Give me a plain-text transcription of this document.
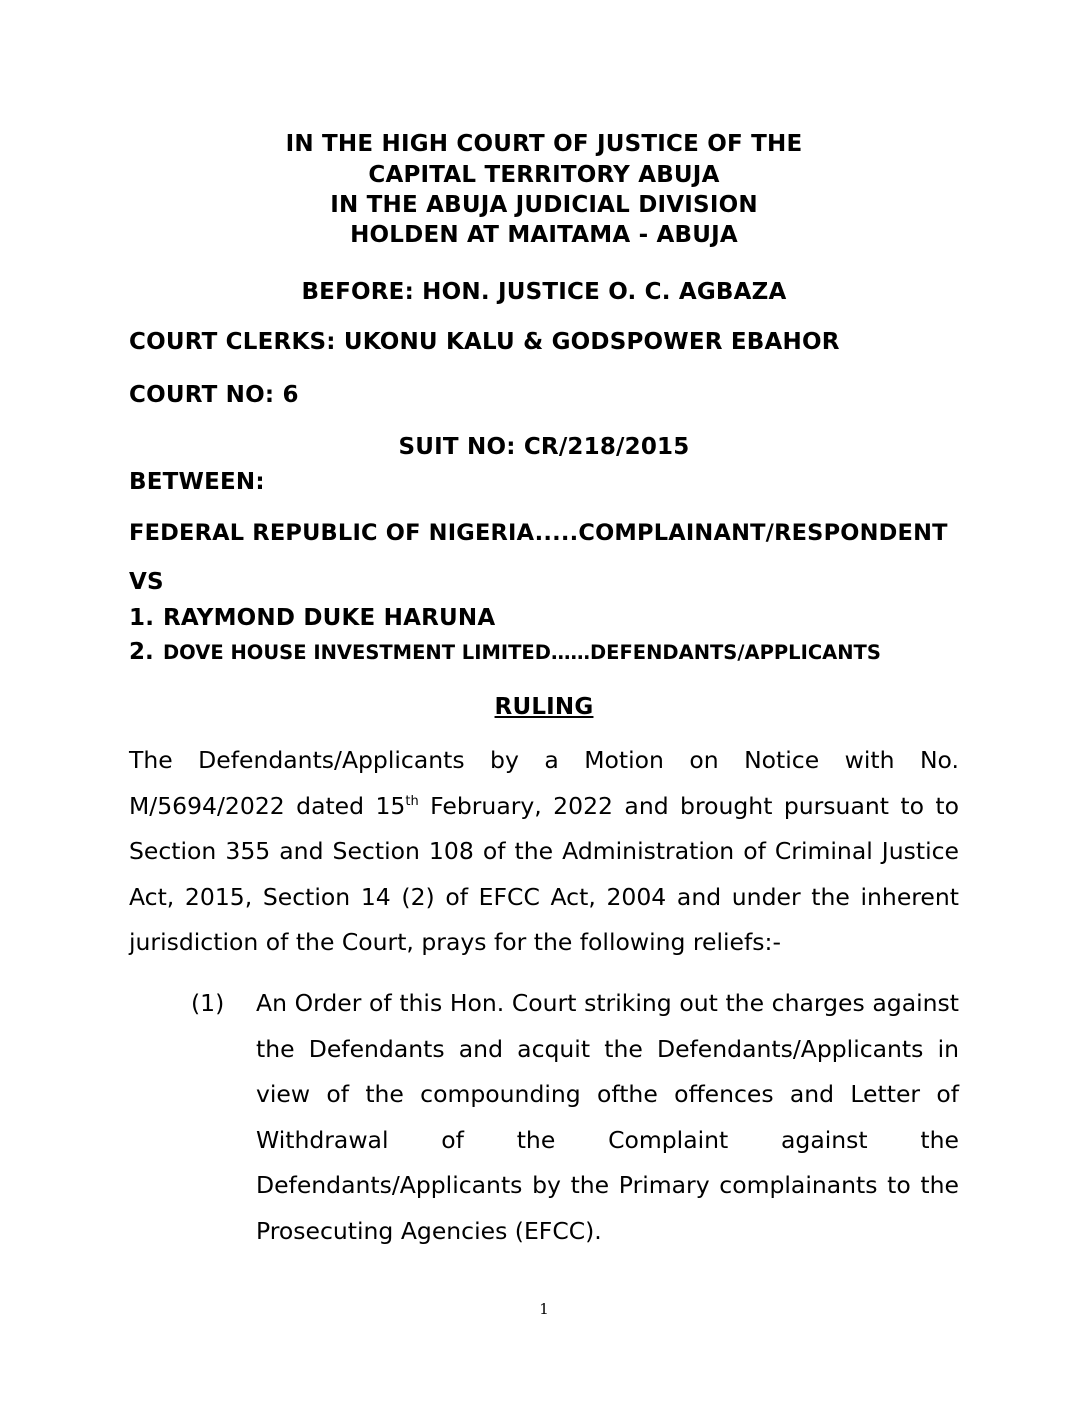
IN THE HIGH COURT OF JUSTICE OF THE
CAPITAL TERRITORY ABUJA
IN THE ABUJA JUDICIAL DIVISION
HOLDEN AT MAITAMA - ABUJA
BEFORE: HON. JUSTICE O. C. AGBAZA
COURT CLERKS: UKONU KALU & GODSPOWER EBAHOR
COURT NO: 6
SUIT NO: CR/218/2015
BETWEEN:
FEDERAL REPUBLIC OF NIGERIA.....COMPLAINANT/RESPONDENT
VS
1. RAYMOND DUKE HARUNA
2. DOVE HOUSE INVESTMENT LIMITED……DEFENDANTS/APPLICANTS
RULING
The Defendants/Applicants by a Motion on Notice with No. M/5694/2022 dated 15th February, 2022 and brought pursuant to to Section 355 and Section 108 of the Administration of Criminal Justice Act, 2015, Section 14 (2) of EFCC Act, 2004 and under the inherent jurisdiction of the Court, prays for the following reliefs:-
(1) An Order of this Hon. Court striking out the charges against the Defendants and acquit the Defendants/Applicants in view of the compounding ofthe offences and Letter of Withdrawal of the Complaint against the Defendants/Applicants by the Primary complainants to the Prosecuting Agencies (EFCC).
1
